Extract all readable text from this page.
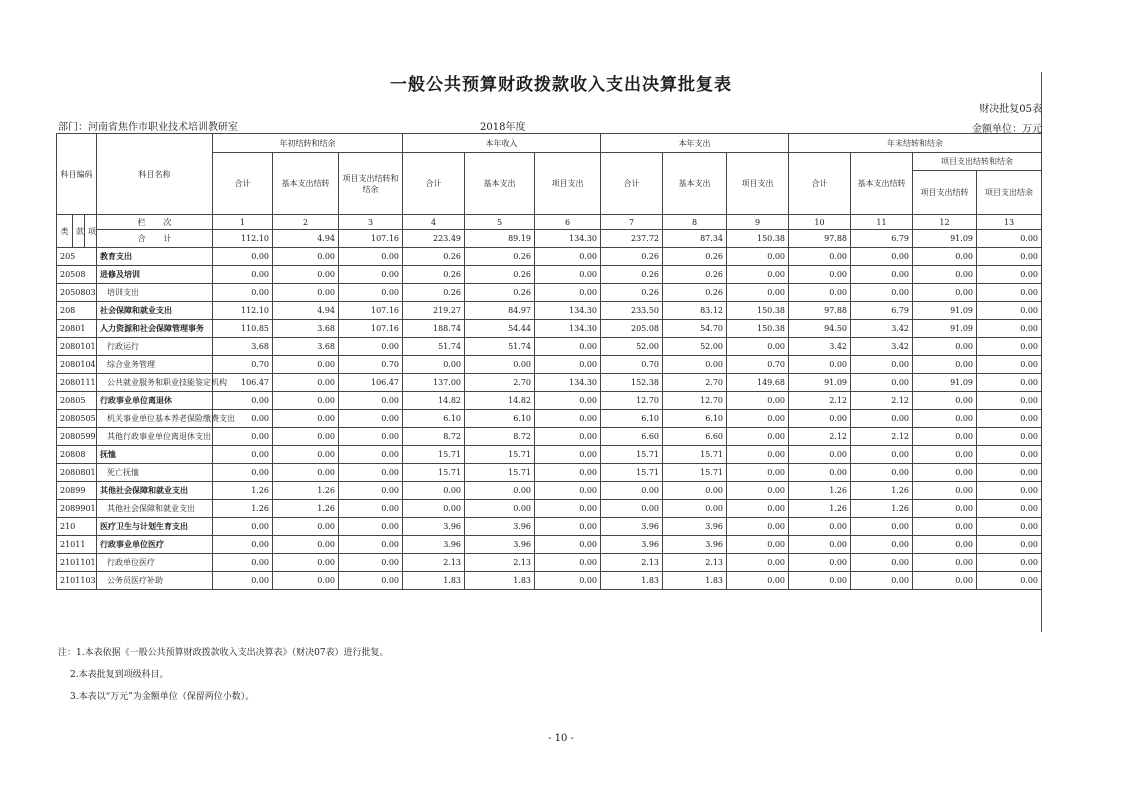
一般公共预算财政拨款收入支出决算批复表
财决批复05表
部门：河南省焦作市职业技术培训教研室	2018年度	金额单位：万元
科目编码			科目名称	年初结转和结余			本年收入			本年支出			年末结转和结余			
				合计	基本支出结转	项目支出结转和结余	合计	基本支出	项目支出	合计	基本支出	项目支出	合计	基本支出结转	项目支出结转和结余	
															项目支出结转	项目支出结余
类	款	项	栏 次	1	2	3	4	5	6	7	8	9	10	11	12	13
			合 计	112.10	4.94	107.16	223.49	89.19	134.30	237.72	87.34	150.38	97.88	6.79	91.09	0.00
205			教育支出	0.00	0.00	0.00	0.26	0.26	0.00	0.26	0.26	0.00	0.00	0.00	0.00	0.00
20508			进修及培训	0.00	0.00	0.00	0.26	0.26	0.00	0.26	0.26	0.00	0.00	0.00	0.00	0.00
2050803			培训支出	0.00	0.00	0.00	0.26	0.26	0.00	0.26	0.26	0.00	0.00	0.00	0.00	0.00
208			社会保障和就业支出	112.10	4.94	107.16	219.27	84.97	134.30	233.50	83.12	150.38	97.88	6.79	91.09	0.00
20801			人力资源和社会保障管理事务	110.85	3.68	107.16	188.74	54.44	134.30	205.08	54.70	150.38	94.50	3.42	91.09	0.00
2080101			行政运行	3.68	3.68	0.00	51.74	51.74	0.00	52.00	52.00	0.00	3.42	3.42	0.00	0.00
2080104			综合业务管理	0.70	0.00	0.70	0.00	0.00	0.00	0.70	0.00	0.70	0.00	0.00	0.00	0.00
2080111			公共就业服务和职业技能鉴定机构	106.47	0.00	106.47	137.00	2.70	134.30	152.38	2.70	149.68	91.09	0.00	91.09	0.00
20805			行政事业单位离退休	0.00	0.00	0.00	14.82	14.82	0.00	12.70	12.70	0.00	2.12	2.12	0.00	0.00
2080505			机关事业单位基本养老保险缴费支出	0.00	0.00	0.00	6.10	6.10	0.00	6.10	6.10	0.00	0.00	0.00	0.00	0.00
2080599			其他行政事业单位离退休支出	0.00	0.00	0.00	8.72	8.72	0.00	6.60	6.60	0.00	2.12	2.12	0.00	0.00
20808			抚恤	0.00	0.00	0.00	15.71	15.71	0.00	15.71	15.71	0.00	0.00	0.00	0.00	0.00
2080801			死亡抚恤	0.00	0.00	0.00	15.71	15.71	0.00	15.71	15.71	0.00	0.00	0.00	0.00	0.00
20899			其他社会保障和就业支出	1.26	1.26	0.00	0.00	0.00	0.00	0.00	0.00	0.00	1.26	1.26	0.00	0.00
2089901			其他社会保障和就业支出	1.26	1.26	0.00	0.00	0.00	0.00	0.00	0.00	0.00	1.26	1.26	0.00	0.00
210			医疗卫生与计划生育支出	0.00	0.00	0.00	3.96	3.96	0.00	3.96	3.96	0.00	0.00	0.00	0.00	0.00
21011			行政事业单位医疗	0.00	0.00	0.00	3.96	3.96	0.00	3.96	3.96	0.00	0.00	0.00	0.00	0.00
2101101			行政单位医疗	0.00	0.00	0.00	2.13	2.13	0.00	2.13	2.13	0.00	0.00	0.00	0.00	0.00
2101103			公务员医疗补助	0.00	0.00	0.00	1.83	1.83	0.00	1.83	1.83	0.00	0.00	0.00	0.00	0.00
注：1.本表依据《一般公共预算财政拨款收入支出决算表》（财决07表）进行批复。
2.本表批复到项级科目。
3.本表以“万元”为金额单位（保留两位小数）。
- 10 -
